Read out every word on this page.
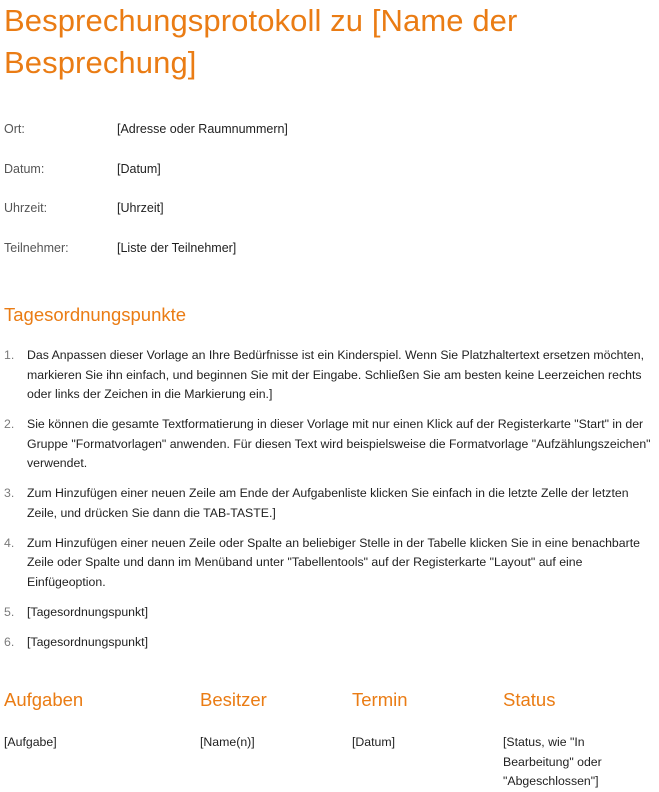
Besprechungsprotokoll zu [Name der Besprechung]
Ort:	[Adresse oder Raumnummern]
Datum:	[Datum]
Uhrzeit:	[Uhrzeit]
Teilnehmer:	[Liste der Teilnehmer]
Tagesordnungspunkte
1.	Das Anpassen dieser Vorlage an Ihre Bedürfnisse ist ein Kinderspiel. Wenn Sie Platzhaltertext ersetzen möchten, markieren Sie ihn einfach, und beginnen Sie mit der Eingabe. Schließen Sie am besten keine Leerzeichen rechts oder links der Zeichen in die Markierung ein.]
2.	Sie können die gesamte Textformatierung in dieser Vorlage mit nur einen Klick auf der Registerkarte "Start" in der Gruppe "Formatvorlagen" anwenden. Für diesen Text wird beispielsweise die Formatvorlage "Aufzählungszeichen" verwendet.
3.	Zum Hinzufügen einer neuen Zeile am Ende der Aufgabenliste klicken Sie einfach in die letzte Zelle der letzten Zeile, und drücken Sie dann die TAB-TASTE.]
4.	Zum Hinzufügen einer neuen Zeile oder Spalte an beliebiger Stelle in der Tabelle klicken Sie in eine benachbarte Zeile oder Spalte und dann im Menüband unter "Tabellentools" auf der Registerkarte "Layout" auf eine Einfügeoption.
5.	[Tagesordnungspunkt]
6.	[Tagesordnungspunkt]
Aufgaben	Besitzer	Termin	Status
[Aufgabe]	[Name(n)]	[Datum]	[Status, wie "In Bearbeitung" oder "Abgeschlossen"]
